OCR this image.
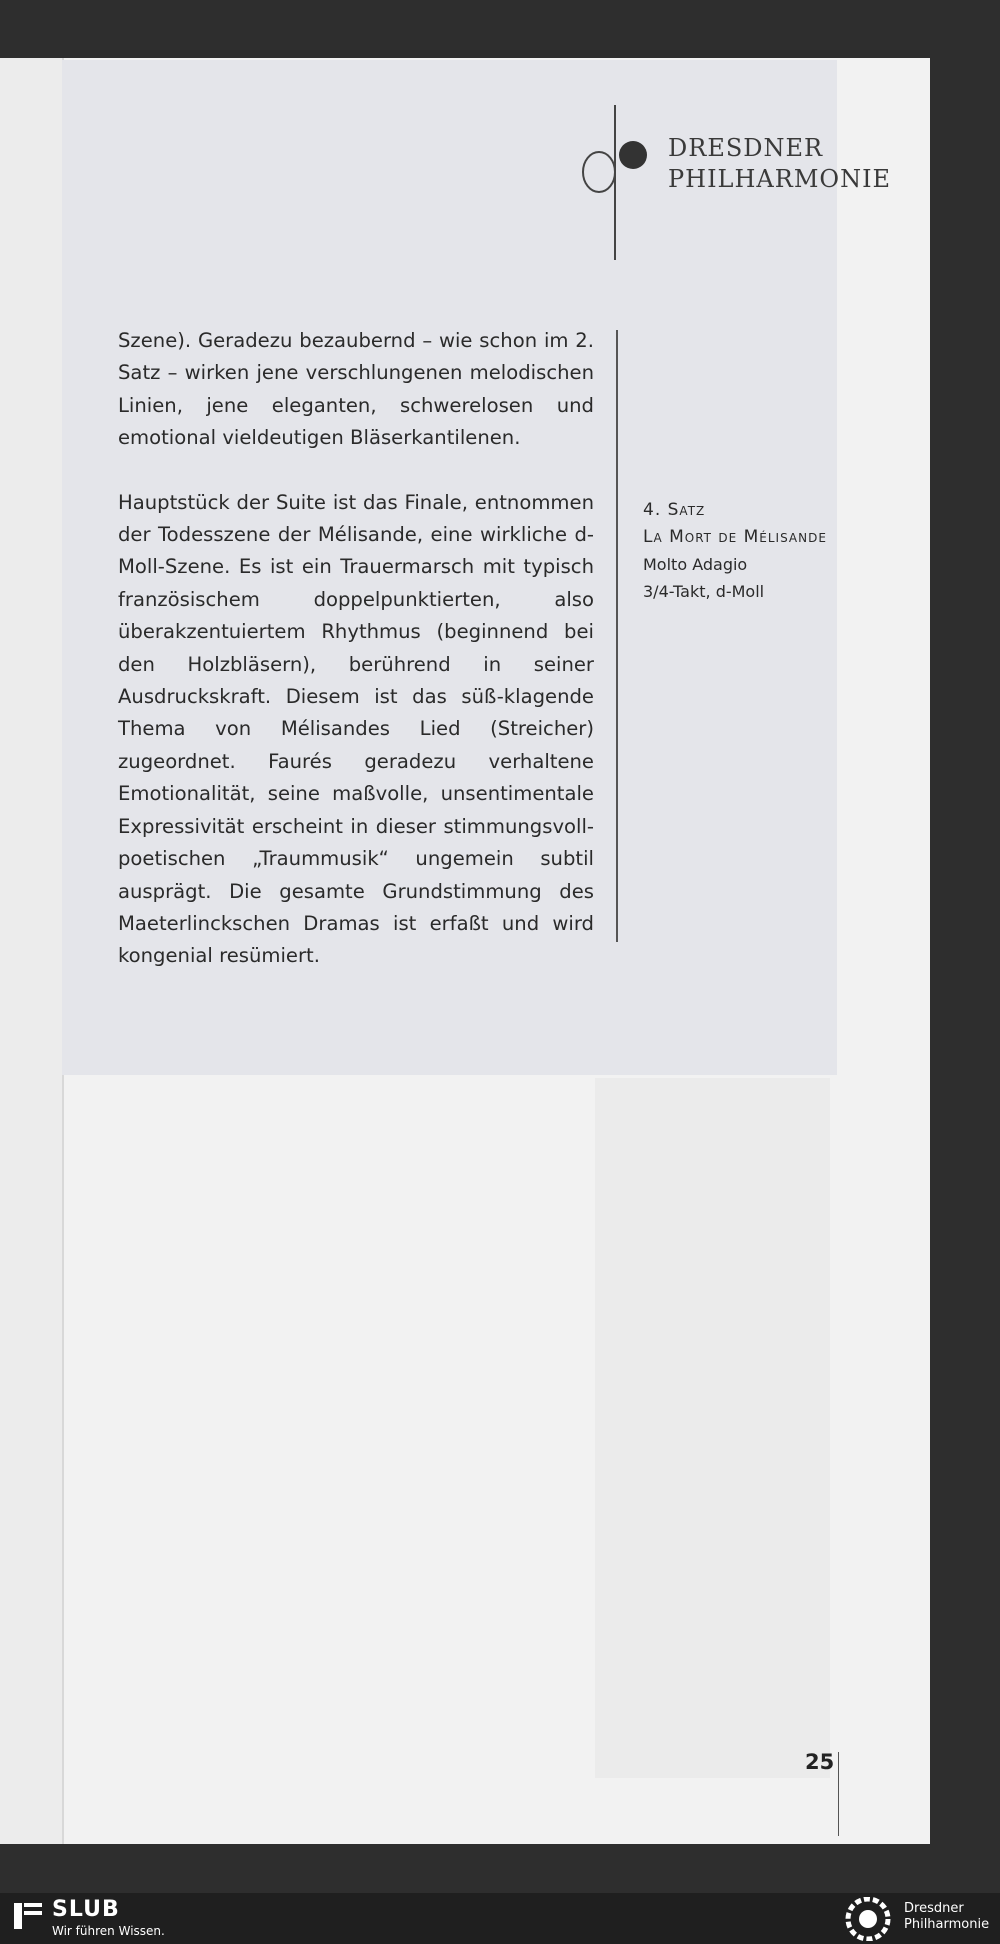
DRESDNER
PHILHARMONIE

Szene). Geradezu bezaubernd – wie schon im 2. Satz – wirken jene verschlungenen melodischen Linien, jene eleganten, schwerelosen und emotional vieldeutigen Bläserkantilenen.

Hauptstück der Suite ist das Finale, entnommen der Todesszene der Mélisande, eine wirkliche d-Moll-Szene. Es ist ein Trauermarsch mit typisch französischem doppelpunktierten, also überakzentuiertem Rhythmus (beginnend bei den Holzbläsern), berührend in seiner Ausdruckskraft. Diesem ist das süß-klagende Thema von Mélisandes Lied (Streicher) zugeordnet. Faurés geradezu verhaltene Emotionalität, seine maßvolle, unsentimentale Expressivität erscheint in dieser stimmungsvoll-poetischen „Traummusik“ ungemein subtil ausprägt. Die gesamte Grundstimmung des Maeterlinckschen Dramas ist erfaßt und wird kongenial resümiert.

4. Satz
La Mort de Mélisande
Molto Adagio
3/4-Takt, d-Moll
25
SLUB
Wir führen Wissen.
Dresdner
Philharmonie
